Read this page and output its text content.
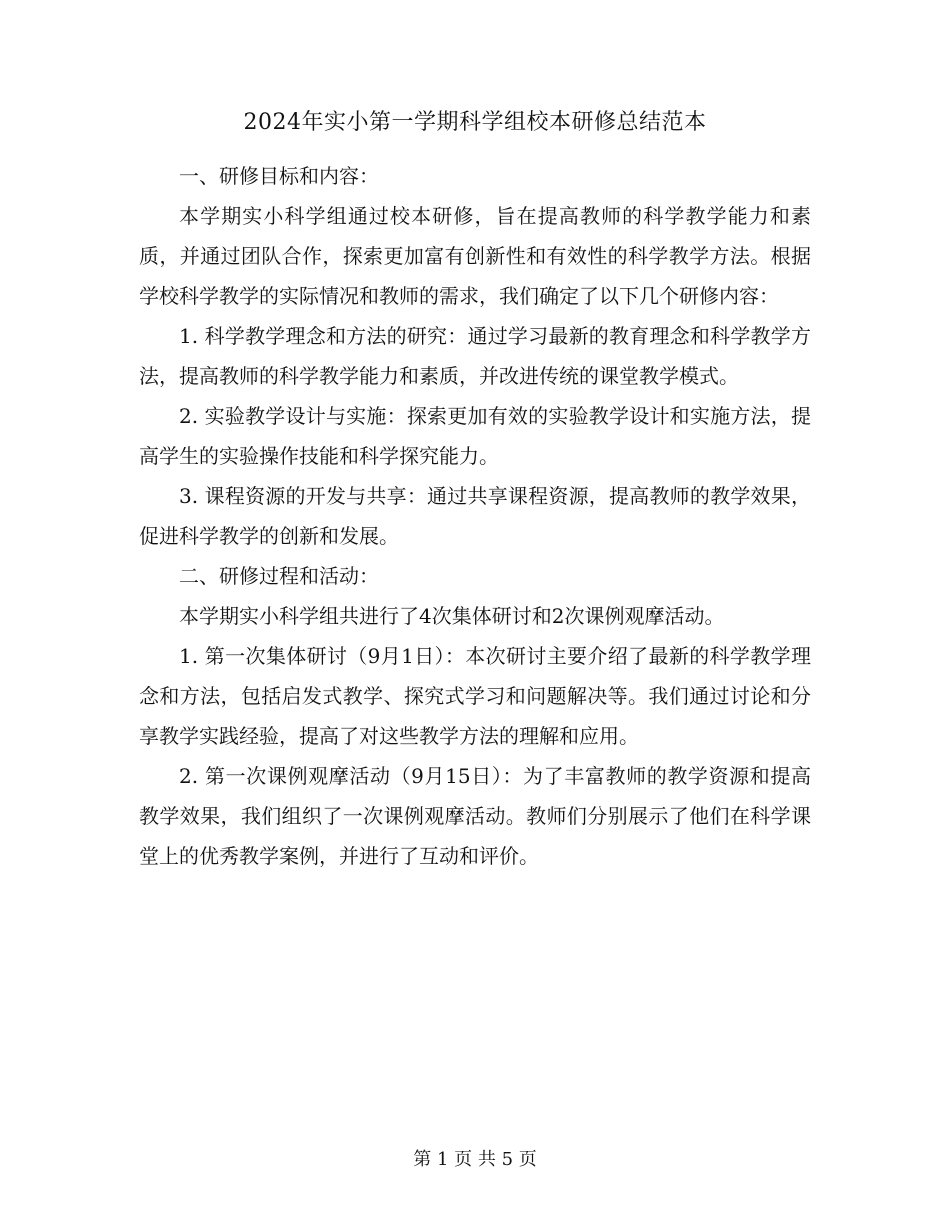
2024年实小第一学期科学组校本研修总结范本

一、研修目标和内容：

本学期实小科学组通过校本研修，旨在提高教师的科学教学能力和素质，并通过团队合作，探索更加富有创新性和有效性的科学教学方法。根据学校科学教学的实际情况和教师的需求，我们确定了以下几个研修内容：

1. 科学教学理念和方法的研究：通过学习最新的教育理念和科学教学方法，提高教师的科学教学能力和素质，并改进传统的课堂教学模式。

2. 实验教学设计与实施：探索更加有效的实验教学设计和实施方法，提高学生的实验操作技能和科学探究能力。

3. 课程资源的开发与共享：通过共享课程资源，提高教师的教学效果，促进科学教学的创新和发展。

二、研修过程和活动：

本学期实小科学组共进行了4次集体研讨和2次课例观摩活动。

1. 第一次集体研讨（9月1日）：本次研讨主要介绍了最新的科学教学理念和方法，包括启发式教学、探究式学习和问题解决等。我们通过讨论和分享教学实践经验，提高了对这些教学方法的理解和应用。

2. 第一次课例观摩活动（9月15日）：为了丰富教师的教学资源和提高教学效果，我们组织了一次课例观摩活动。教师们分别展示了他们在科学课堂上的优秀教学案例，并进行了互动和评价。

第 1 页 共 5 页
